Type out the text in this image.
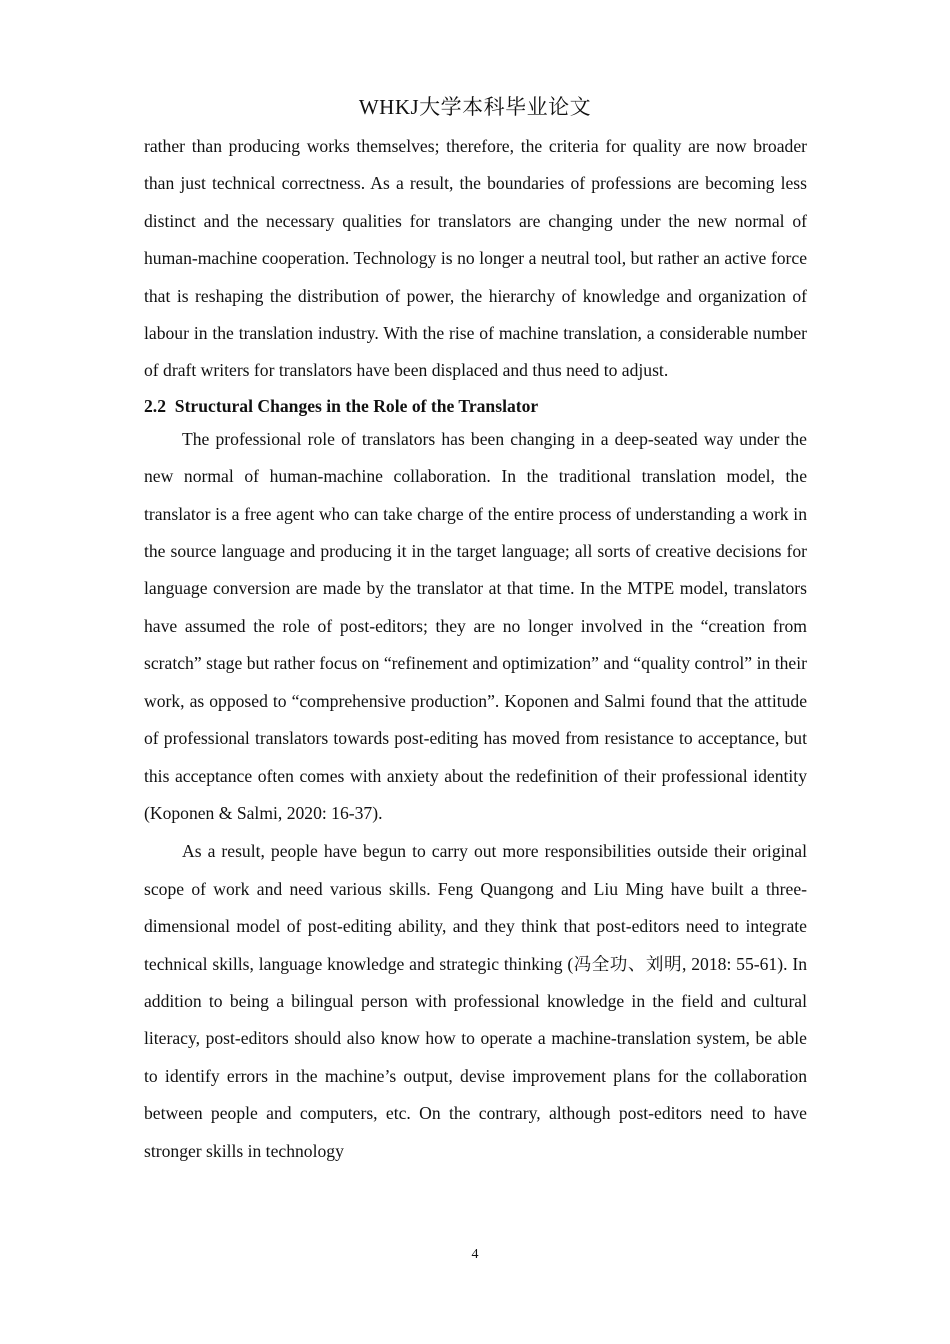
WHKJ大学本科毕业论文

rather than producing works themselves; therefore, the criteria for quality are now broader than just technical correctness. As a result, the boundaries of professions are becoming less distinct and the necessary qualities for translators are changing under the new normal of human-machine cooperation. Technology is no longer a neutral tool, but rather an active force that is reshaping the distribution of power, the hierarchy of knowledge and organization of labour in the translation industry. With the rise of machine translation, a considerable number of draft writers for translators have been displaced and thus need to adjust.

2.2  Structural Changes in the Role of the Translator

The professional role of translators has been changing in a deep-seated way under the new normal of human-machine collaboration. In the traditional translation model, the translator is a free agent who can take charge of the entire process of understanding a work in the source language and producing it in the target language; all sorts of creative decisions for language conversion are made by the translator at that time. In the MTPE model, translators have assumed the role of post-editors; they are no longer involved in the “creation from scratch” stage but rather focus on “refinement and optimization” and “quality control” in their work, as opposed to “comprehensive production”. Koponen and Salmi found that the attitude of professional translators towards post-editing has moved from resistance to acceptance, but this acceptance often comes with anxiety about the redefinition of their professional identity (Koponen & Salmi, 2020: 16-37).

As a result, people have begun to carry out more responsibilities outside their original scope of work and need various skills. Feng Quangong and Liu Ming have built a three-dimensional model of post-editing ability, and they think that post-editors need to integrate technical skills, language knowledge and strategic thinking (冯全功、刘明, 2018: 55-61). In addition to being a bilingual person with professional knowledge in the field and cultural literacy, post-editors should also know how to operate a machine-translation system, be able to identify errors in the machine’s output, devise improvement plans for the collaboration between people and computers, etc. On the contrary, although post-editors need to have stronger skills in technology

4
